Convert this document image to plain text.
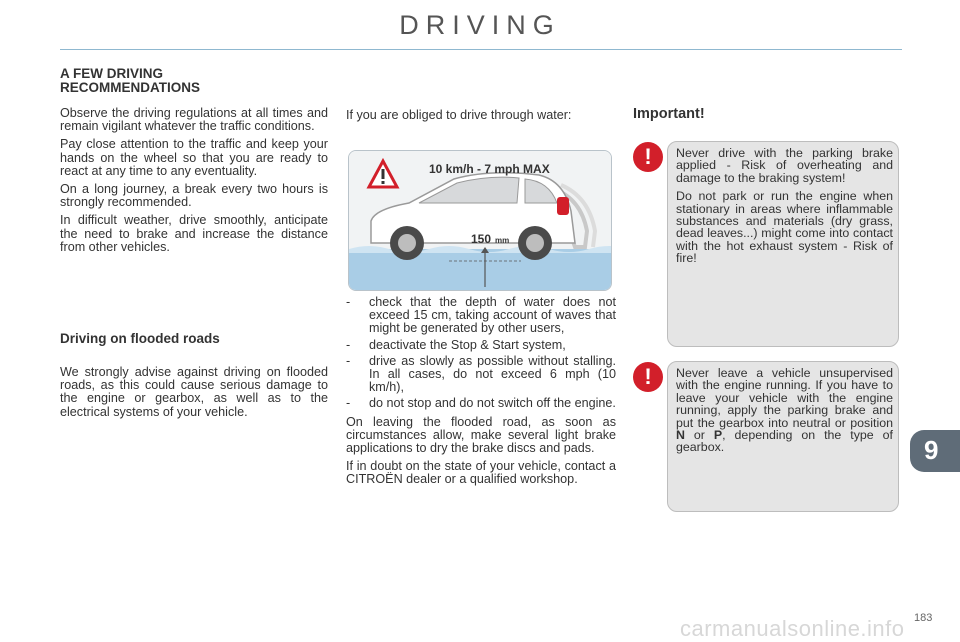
DRIVING
A FEW DRIVING
RECOMMENDATIONS

Observe the driving regulations at all times and remain vigilant whatever the traffic conditions.

Pay close attention to the traffic and keep your hands on the wheel so that you are ready to react at any time to any eventuality.

On a long journey, a break every two hours is strongly recommended.

In difficult weather, drive smoothly, anticipate the need to brake and increase the distance from other vehicles.

Driving on flooded roads

We strongly advise against driving on flooded roads, as this could cause serious damage to the engine or gearbox, as well as to the electrical systems of your vehicle.

If you are obliged to drive through water:
10 km/h - 7 mph MAX
150 mm
- check that the depth of water does not exceed 15 cm, taking account of waves that might be generated by other users,
- deactivate the Stop & Start system,
- drive as slowly as possible without stalling. In all cases, do not exceed 6 mph (10 km/h),
- do not stop and do not switch off the engine.

On leaving the flooded road, as soon as circumstances allow, make several light brake applications to dry the brake discs and pads.

If in doubt on the state of your vehicle, contact a CITROËN dealer or a qualified workshop.

Important!
!	Never drive with the parking brake applied - Risk of overheating and damage to the braking system!

Do not park or run the engine when stationary in areas where inflammable substances and materials (dry grass, dead leaves...) might come into contact with the hot exhaust system - Risk of fire!

!	Never leave a vehicle unsupervised with the engine running. If you have to leave your vehicle with the engine running, apply the parking brake and put the gearbox into neutral or position N or P, depending on the type of gearbox.	9
carmanualsonline.info 183
